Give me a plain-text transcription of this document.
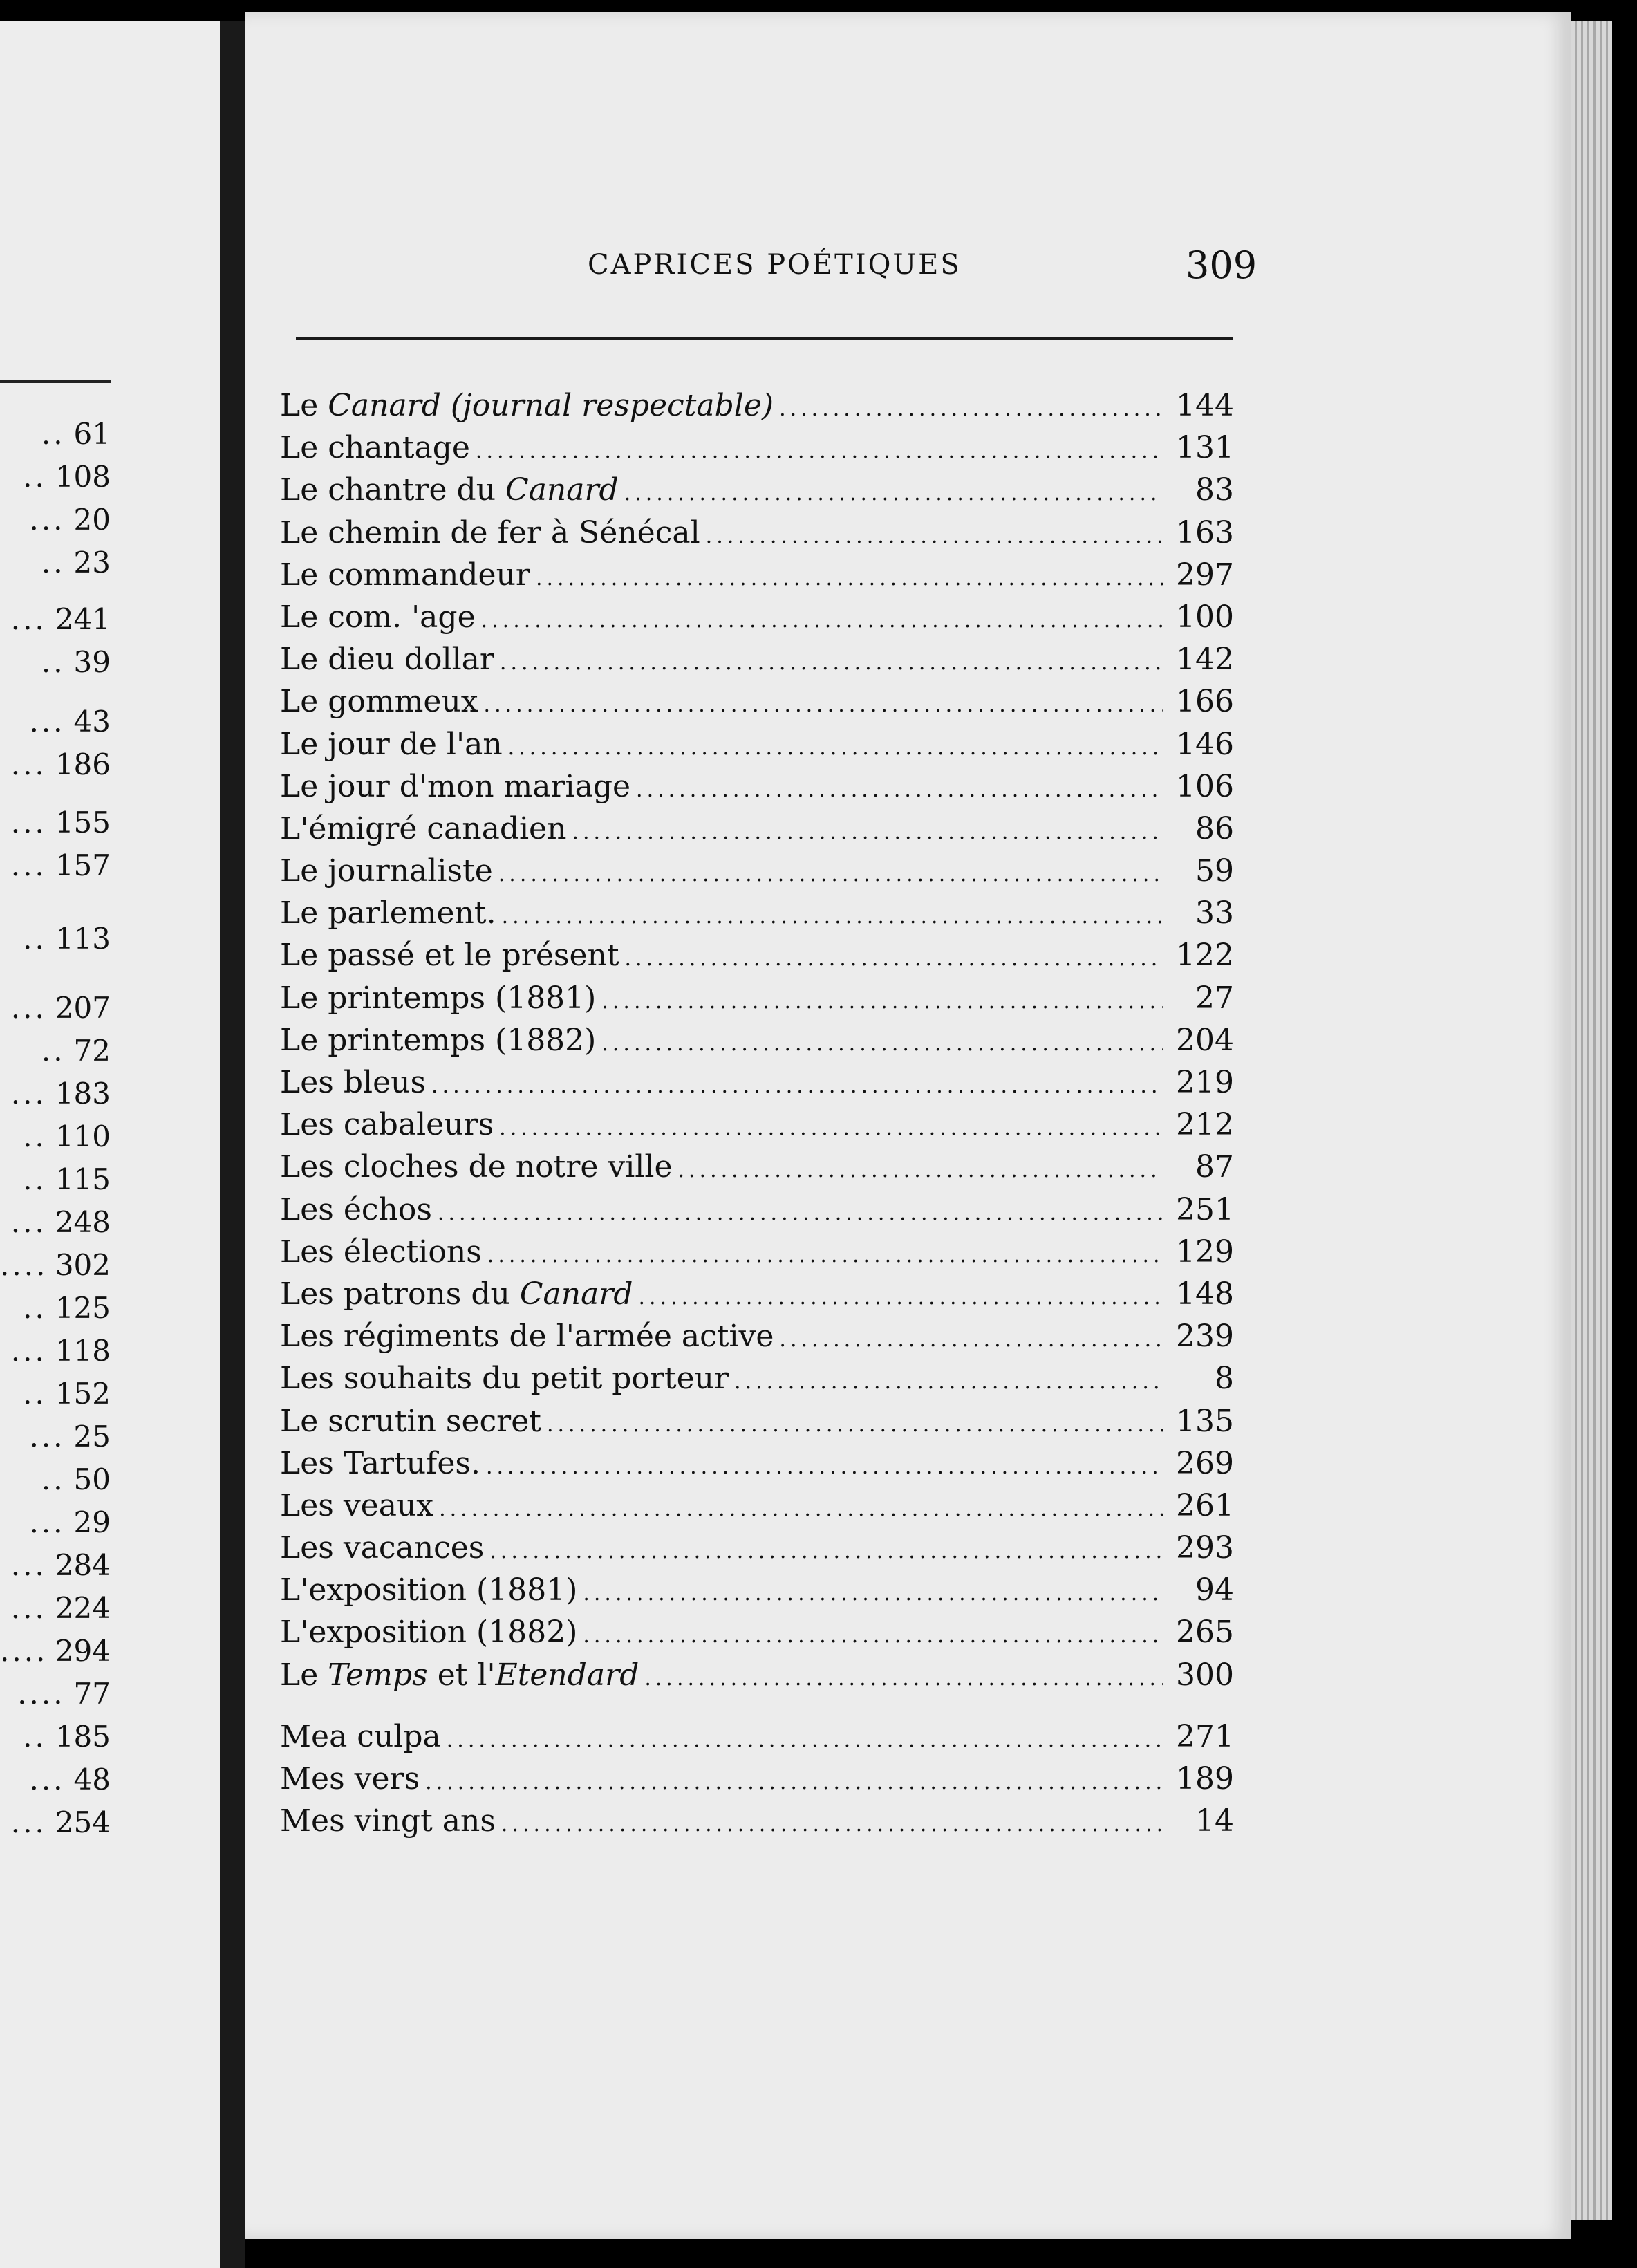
.. 61
.. 108
... 20
.. 23
... 241
.. 39
... 43
... 186
... 155
... 157
.. 113
... 207
.. 72
... 183
.. 110
.. 115
... 248
.... 302
.. 125
... 118
.. 152
... 25
.. 50
... 29
... 284
... 224
.... 294
.... 77
.. 185
... 48
... 254
CAPRICES POÉTIQUES	309
Le Canard (journal respectable) .....	144
Le chantage .....	131
Le chantre du Canard .....	83
Le chemin de fer à Sénécal .....	163
Le commandeur .....	297
Le com. 'age .....	100
Le dieu dollar .....	142
Le gommeux .....	166
Le jour de l'an .....	146
Le jour d'mon mariage .....	106
L'émigré canadien .....	86
Le journaliste .....	59
Le parlement. .....	33
Le passé et le présent .....	122
Le printemps (1881) .....	27
Le printemps (1882) .....	204
Les bleus .....	219
Les cabaleurs .....	212
Les cloches de notre ville .....	87
Les échos .....	251
Les élections .....	129
Les patrons du Canard .....	148
Les régiments de l'armée active .....	239
Les souhaits du petit porteur .....	8
Le scrutin secret .....	135
Les Tartufes. .....	269
Les veaux .....	261
Les vacances .....	293
L'exposition (1881) .....	94
L'exposition (1882) .....	265
Le Temps et l'Etendard .....	300
Mea culpa .....	271
Mes vers .....	189
Mes vingt ans .....	14
